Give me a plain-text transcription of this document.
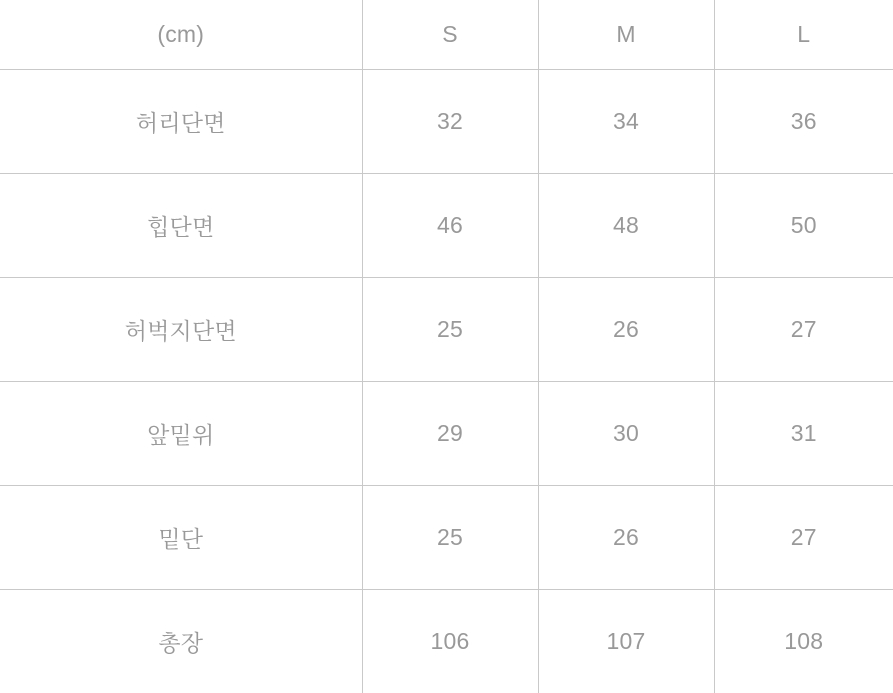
(cm)	S	M	L
허리단면	32	34	36
힙단면	46	48	50
허벅지단면	25	26	27
앞밑위	29	30	31
밑단	25	26	27
총장	106	107	108
